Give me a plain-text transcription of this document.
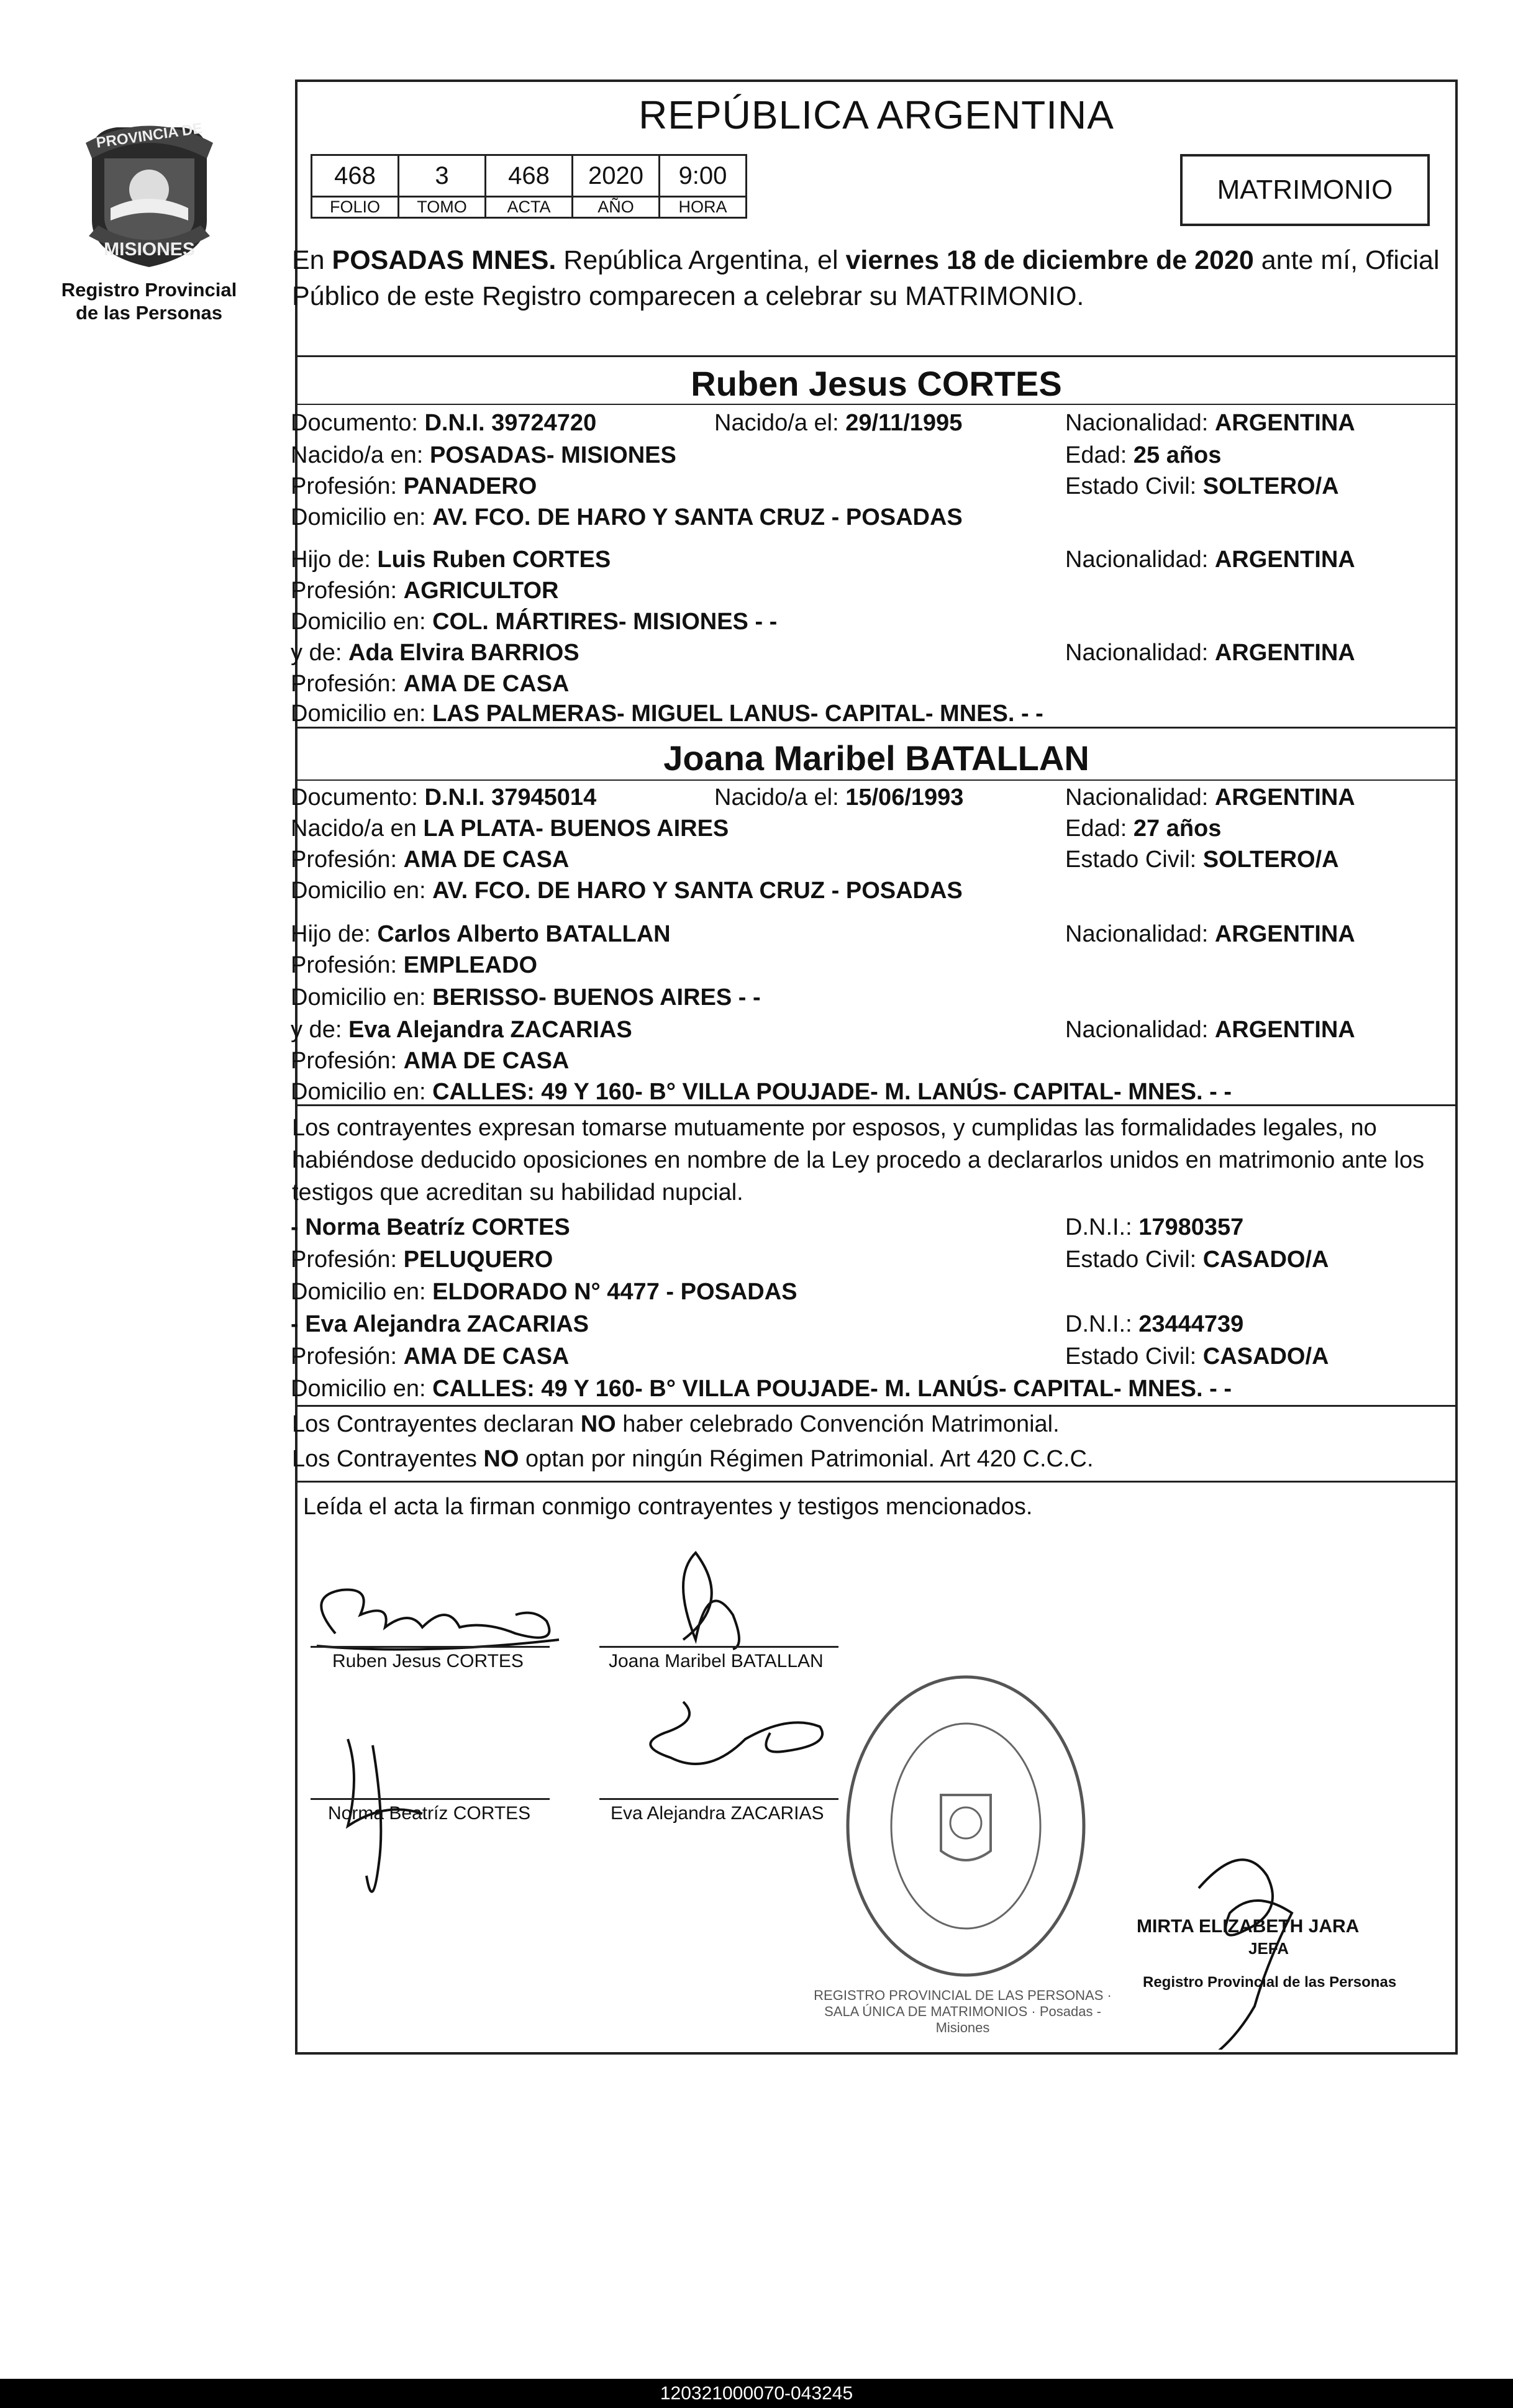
PROVINCIA DE
MISIONES
Registro Provincial
de las Personas
REPÚBLICA ARGENTINA
468	3	468	2020	9:00
FOLIO	TOMO	ACTA	AÑO	HORA
MATRIMONIO
En POSADAS MNES. República Argentina, el viernes 18 de diciembre de 2020 ante mí, Oficial Público de este Registro comparecen a celebrar su MATRIMONIO.
Ruben Jesus CORTES
Documento: D.N.I. 39724720	Nacido/a el: 29/11/1995	Nacionalidad: ARGENTINA
Nacido/a en: POSADAS- MISIONES	Edad: 25 años
Profesión: PANADERO	Estado Civil: SOLTERO/A
Domicilio en: AV. FCO. DE HARO Y SANTA CRUZ - POSADAS
Hijo de: Luis Ruben CORTES	Nacionalidad: ARGENTINA
Profesión: AGRICULTOR
Domicilio en: COL. MÁRTIRES- MISIONES - -
y de: Ada Elvira BARRIOS	Nacionalidad: ARGENTINA
Profesión: AMA DE CASA
Domicilio en: LAS PALMERAS- MIGUEL LANUS- CAPITAL- MNES. - -
Joana Maribel BATALLAN
Documento: D.N.I. 37945014	Nacido/a el: 15/06/1993	Nacionalidad: ARGENTINA
Nacido/a en LA PLATA- BUENOS AIRES	Edad: 27 años
Profesión: AMA DE CASA	Estado Civil: SOLTERO/A
Domicilio en: AV. FCO. DE HARO Y SANTA CRUZ - POSADAS
Hijo de: Carlos Alberto BATALLAN	Nacionalidad: ARGENTINA
Profesión: EMPLEADO
Domicilio en: BERISSO- BUENOS AIRES - -
y de: Eva Alejandra ZACARIAS	Nacionalidad: ARGENTINA
Profesión: AMA DE CASA
Domicilio en: CALLES: 49 Y 160- B° VILLA POUJADE- M. LANÚS- CAPITAL- MNES. - -
Los contrayentes expresan tomarse mutuamente por esposos, y cumplidas las formalidades legales, no habiéndose deducido oposiciones en nombre de la Ley procedo a declararlos unidos en matrimonio ante los testigos que acreditan su habilidad nupcial.
- Norma Beatríz CORTES	D.N.I.: 17980357
Profesión: PELUQUERO	Estado Civil: CASADO/A
Domicilio en: ELDORADO N° 4477 - POSADAS
- Eva Alejandra ZACARIAS	D.N.I.: 23444739
Profesión: AMA DE CASA	Estado Civil: CASADO/A
Domicilio en: CALLES: 49 Y 160- B° VILLA POUJADE- M. LANÚS- CAPITAL- MNES. - -
Los Contrayentes declaran NO haber celebrado Convención Matrimonial.
Los Contrayentes NO optan por ningún Régimen Patrimonial. Art 420 C.C.C.
Leída el acta la firman conmigo contrayentes y testigos mencionados.
Ruben Jesus CORTES	Joana Maribel BATALLAN
Norma Beatríz CORTES	Eva Alejandra ZACARIAS
REGISTRO PROVINCIAL DE LAS PERSONAS · SALA ÚNICA DE MATRIMONIOS · Posadas - Misiones
MIRTA ELIZABETH JARA
JEFA
Registro Provincial de las Personas
120321000070-043245
